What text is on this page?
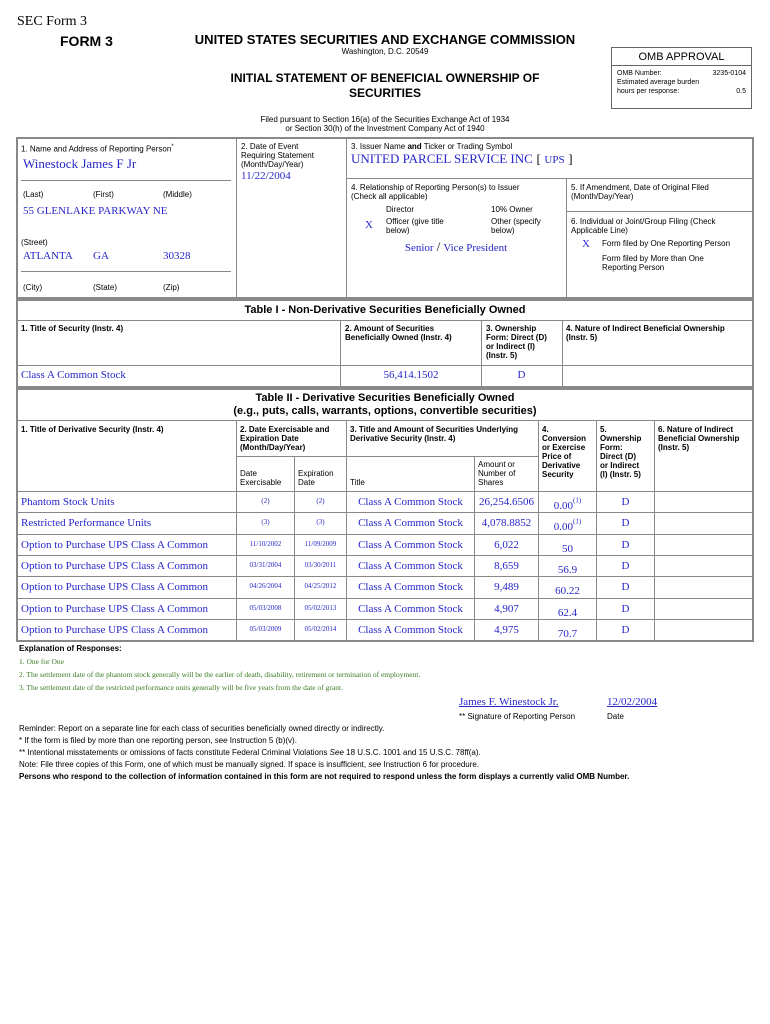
SEC Form 3
FORM 3	UNITED STATES SECURITIES AND EXCHANGE COMMISSION
Washington, D.C. 20549
INITIAL STATEMENT OF BENEFICIAL OWNERSHIP OF
SECURITIES
Filed pursuant to Section 16(a) of the Securities Exchange Act of 1934
or Section 30(h) of the Investment Company Act of 1940
OMB APPROVAL
OMB Number:	3235-0104
Estimated average burden
hours per response:	0.5
1. Name and Address of Reporting Person*
Winestock James F Jr
(Last)	(First)	(Middle)
55 GLENLAKE PARKWAY NE
(Street)
ATLANTA GA	30328
(City)	(State)	(Zip)
2. Date of Event
Requiring Statement
(Month/Day/Year)
11/22/2004
3. Issuer Name and Ticker or Trading Symbol
UNITED PARCEL SERVICE INC [ UPS ]
4. Relationship of Reporting Person(s) to Issuer
(Check all applicable)
Director	10% Owner
X Officer (give title
below)
Other (specify
below)
Senior / Vice President
5. If Amendment, Date of Original Filed
(Month/Day/Year)
6. Individual or Joint/Group Filing (Check
Applicable Line)
X Form filed by One Reporting Person
Form filed by More than One
Reporting Person
Table I - Non-Derivative Securities Beneficially Owned
1. Title of Security (Instr. 4)	2. Amount of Securities
Beneficially Owned (Instr. 4)
3. Ownership
Form: Direct (D)
or Indirect (I)
(Instr. 5)
4. Nature of Indirect Beneficial Ownership
(Instr. 5)
Class A Common Stock	56,414.1502	D
Table II - Derivative Securities Beneficially Owned
(e.g., puts, calls, warrants, options, convertible securities)
1. Title of Derivative Security (Instr. 4)	2. Date Exercisable and
Expiration Date
(Month/Day/Year)
3. Title and Amount of Securities Underlying
Derivative Security (Instr. 4)
4.
Conversion
or Exercise
Price of
Derivative
Security
5.
Ownership
Form:
Direct (D)
or Indirect
(I) (Instr. 5)
6. Nature of Indirect
Beneficial Ownership
(Instr. 5)
Date
Exercisable
Expiration
Date	Title
Amount or
Number of
Shares
Phantom Stock Units	(2)	(2)	Class A Common Stock	26,254.6506	0.00$^{(1)}$	D
Restricted Performance Units	(3)	(3)	Class A Common Stock	4,078.8852	0.00$^{(1)}$	D
Option to Purchase UPS Class A Common	11/10/2002	11/09/2009	Class A Common Stock	6,022	50	D
Option to Purchase UPS Class A Common	03/31/2004	03/30/2011	Class A Common Stock	8,659	56.9	D
Option to Purchase UPS Class A Common	04/26/2004	04/25/2012	Class A Common Stock	9,489	60.22	D
Option to Purchase UPS Class A Common	05/03/2008	05/02/2013	Class A Common Stock	4,907	62.4	D
Option to Purchase UPS Class A Common	05/03/2009	05/02/2014	Class A Common Stock	4,975	70.7	D
Explanation of Responses:
1. One for One
2. The settlement date of the phantom stock generally will be the earlier of death, disability, retirement or termination of employment.
3. The settlement date of the restricted performance units generally will be five years from the date of grant.
James F. Winestock Jr.	12/02/2004
** Signature of Reporting Person	Date
Reminder: Report on a separate line for each class of securities beneficially owned directly or indirectly.
* If the form is filed by more than one reporting person, see Instruction 5 (b)(v).
** Intentional misstatements or omissions of facts constitute Federal Criminal Violations See 18 U.S.C. 1001 and 15 U.S.C. 78ff(a).
Note: File three copies of this Form, one of which must be manually signed. If space is insufficient, see Instruction 6 for procedure.
Persons who respond to the collection of information contained in this form are not required to respond unless the form displays a currently valid OMB Number.
